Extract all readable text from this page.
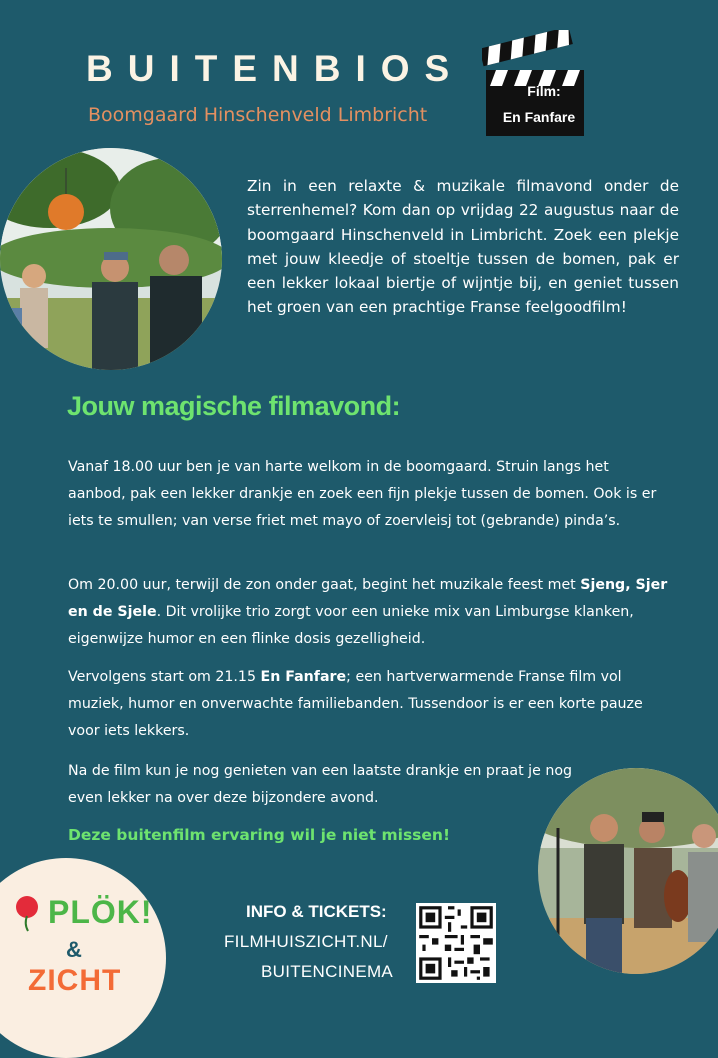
BUITENBIOS
Boomgaard Hinschenveld Limbricht
Film:
En Fanfare
Zin in een relaxte & muzikale filmavond onder de sterrenhemel? Kom dan op vrijdag 22 augustus naar de boomgaard Hinschenveld in Limbricht. Zoek een plekje met jouw kleedje of stoeltje tussen de bomen, pak er een lekker lokaal biertje of wijntje bij, en geniet tussen het groen van een prachtige Franse feelgoodfilm!
Jouw magische filmavond:
Vanaf 18.00 uur ben je van harte welkom in de boomgaard. Struin langs het aanbod, pak een lekker drankje en zoek een fijn plekje tussen de bomen. Ook is er iets te smullen; van verse friet met mayo of zoervleisj tot (gebrande) pinda’s.
Om 20.00 uur, terwijl de zon onder gaat, begint het muzikale feest met Sjeng, Sjer en de Sjele. Dit vrolijke trio zorgt voor een unieke mix van Limburgse klanken, eigenwijze humor en een flinke dosis gezelligheid.
Vervolgens start om 21.15 En Fanfare; een hartverwarmende Franse film vol muziek, humor en onverwachte familiebanden. Tussendoor is er een korte pauze voor iets lekkers.
Na de film kun je nog genieten van een laatste drankje en praat je nog even lekker na over deze bijzondere avond.
Deze buitenfilm ervaring wil je niet missen!
PLÖK!
&
ZICHT
INFO & TICKETS:
FILMHUISZICHT.NL/
BUITENCINEMA
